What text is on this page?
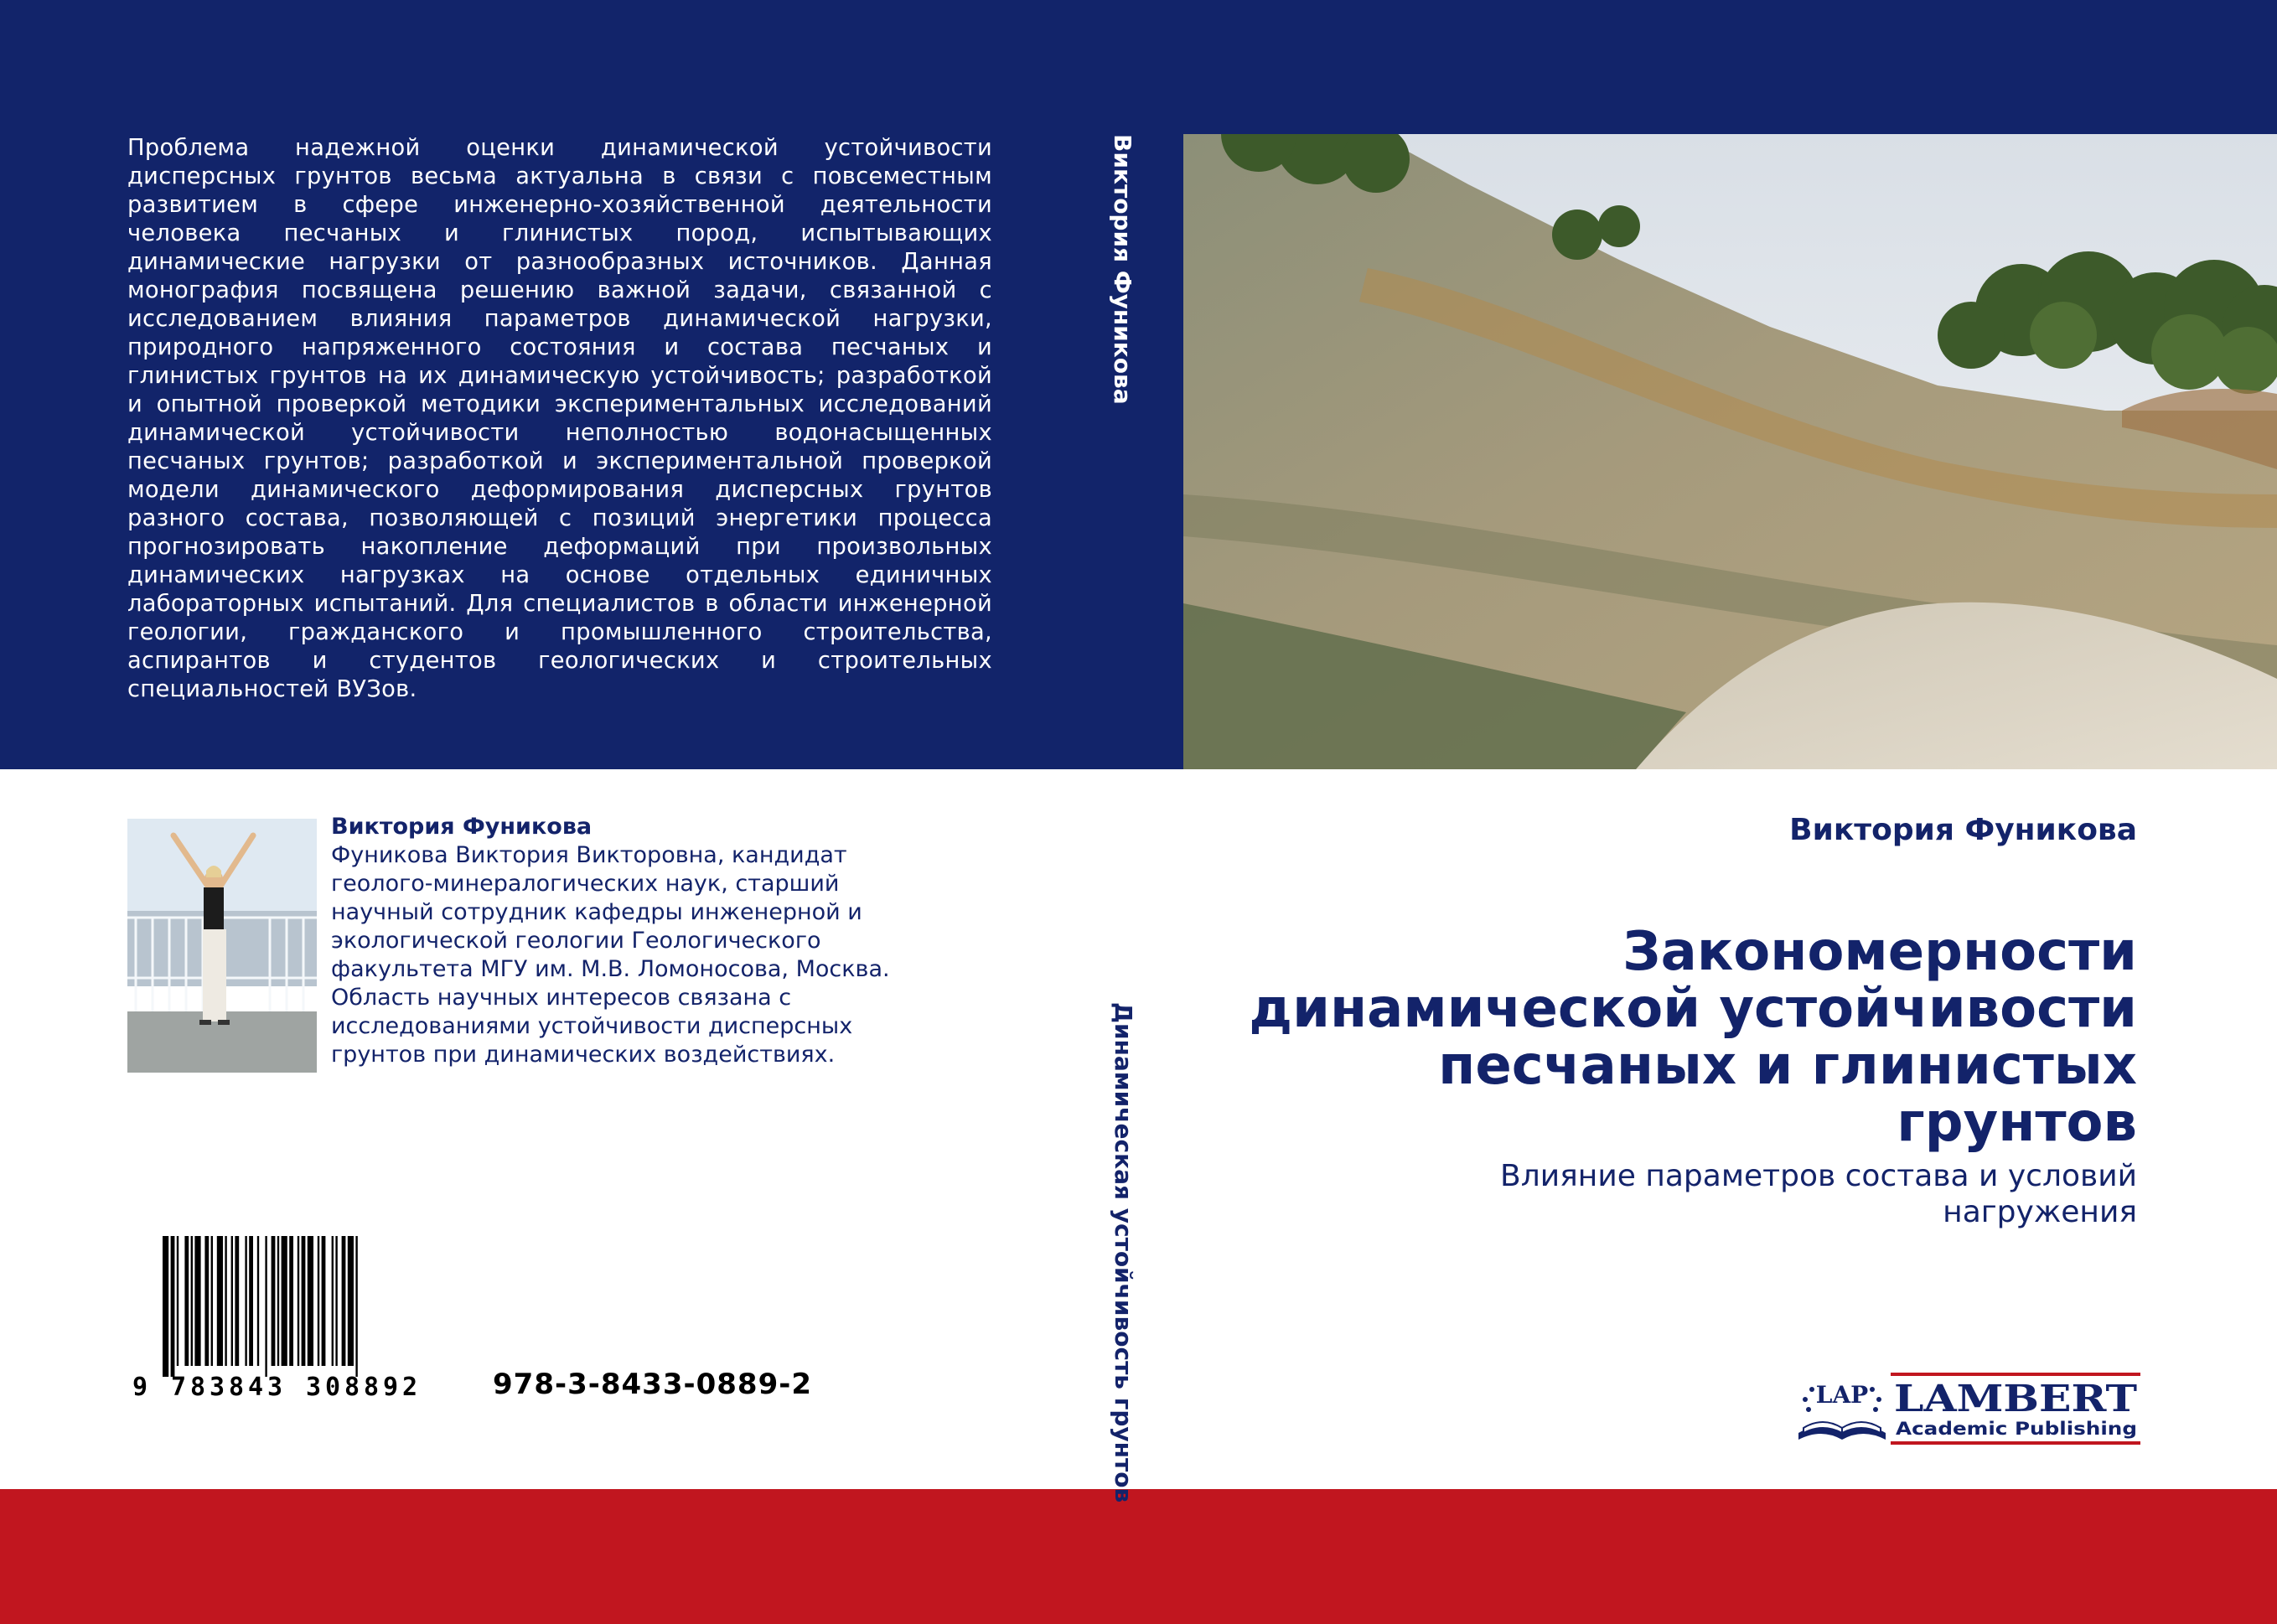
Проблема надежной оценки динамической устойчивости дисперсных грунтов весьма актуальна в связи с повсеместным развитием в сфере инженерно-хозяйственной деятельности человека песчаных и глинистых пород, испытывающих динамические нагрузки от разнообразных источников. Данная монография посвящена решению важной задачи, связанной с исследованием влияния параметров динамической нагрузки, природного напряженного состояния и состава песчаных и глинистых грунтов на их динамическую устойчивость; разработкой и опытной проверкой методики экспериментальных исследований динамической устойчивости неполностью водонасыщенных песчаных грунтов; разработкой и экспериментальной проверкой модели динамического деформирования дисперсных грунтов разного состава, позволяющей с позиций энергетики процесса прогнозировать накопление деформаций при произвольных динамических нагрузках на основе отдельных единичных лабораторных испытаний. Для специалистов в области инженерной геологии, гражданского и промышленного строительства, аспирантов и студентов геологических и строительных специальностей ВУЗов.
Виктория Фуникова
Динамическая устойчивость грунтов
Виктория Фуникова
Фуникова Виктория Викторовна, кандидат геолого-минералогических наук, старший научный сотрудник кафедры инженерной и экологической геологии Геологического факультета МГУ им. М.В. Ломоносова, Москва. Область научных интересов связана с исследованиями устойчивости дисперсных грунтов при динамических воздействиях.
9 783843 308892	978-3-8433-0889-2
Виктория Фуникова
Закономерности динамической устойчивости песчаных и глинистых грунтов
Влияние параметров состава и условий нагружения
LAP LAMBERT
Academic Publishing
